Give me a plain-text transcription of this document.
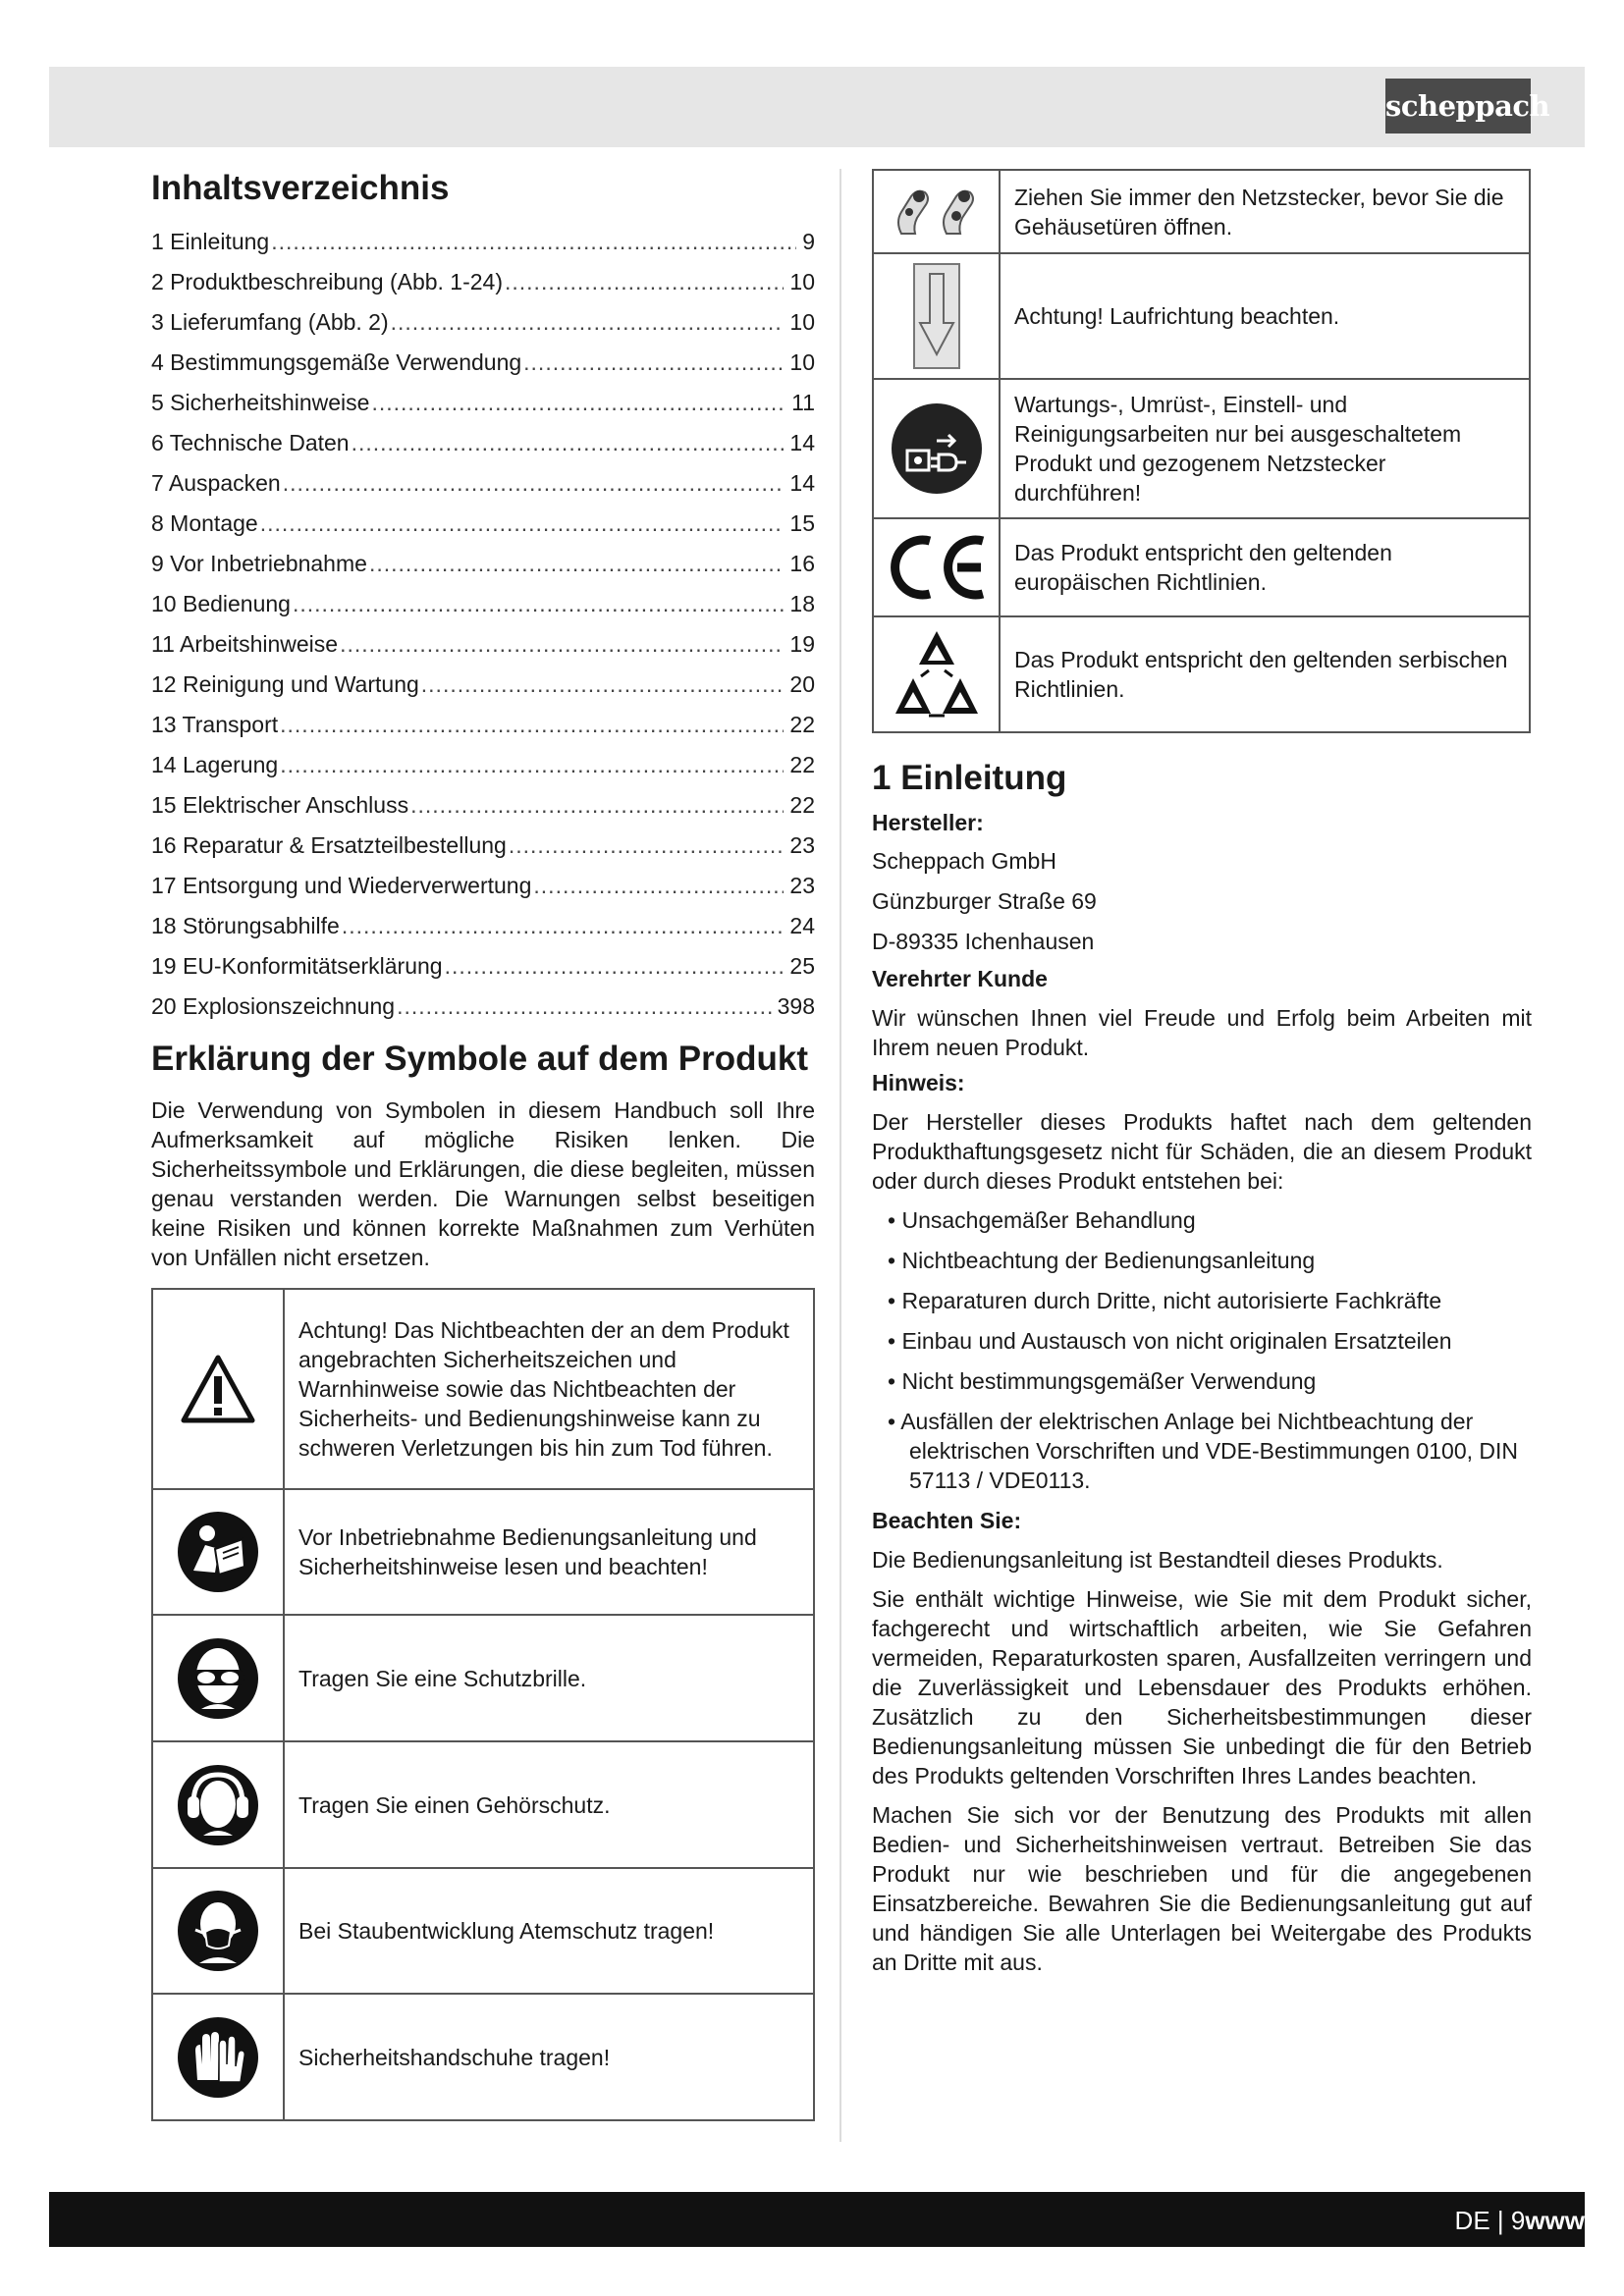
scheppach
Inhaltsverzeichnis
1 Einleitung .....	9
2 Produktbeschreibung (Abb. 1-24) .....	10
3 Lieferumfang (Abb. 2) .....	10
4 Bestimmungsgemäße Verwendung .....	10
5 Sicherheitshinweise .....	11
6 Technische Daten .....	14
7 Auspacken .....	14
8 Montage .....	15
9 Vor Inbetriebnahme .....	16
10 Bedienung .....	18
11 Arbeitshinweise .....	19
12 Reinigung und Wartung .....	20
13 Transport .....	22
14 Lagerung .....	22
15 Elektrischer Anschluss .....	22
16 Reparatur & Ersatzteilbestellung .....	23
17 Entsorgung und Wiederverwertung .....	23
18 Störungsabhilfe .....	24
19 EU-Konformitätserklärung .....	25
20 Explosionszeichnung .....	398
Erklärung der Symbole auf dem Produkt

Die Verwendung von Symbolen in diesem Handbuch soll Ihre Aufmerksamkeit auf mögliche Risiken lenken. Die Sicherheitssymbole und Erklärungen, die diese begleiten, müssen genau verstanden werden. Die Warnungen selbst beseitigen keine Risiken und können korrekte Maßnahmen zum Verhüten von Unfällen nicht ersetzen.

	Achtung! Das Nichtbeachten der an dem Produkt angebrachten Sicherheitszeichen und Warnhinweise sowie das Nichtbeachten der Sicherheits- und Bedienungshinweise kann zu schweren Verletzungen bis hin zum Tod führen.
	Vor Inbetriebnahme Bedienungsanleitung und Sicherheitshinweise lesen und beachten!
	Tragen Sie eine Schutzbrille.
	Tragen Sie einen Gehörschutz.
	Bei Staubentwicklung Atemschutz tragen!
	Sicherheitshandschuhe tragen!
	Ziehen Sie immer den Netzstecker, bevor Sie die Gehäusetüren öffnen.
	Achtung! Laufrichtung beachten.
	Wartungs-, Umrüst-, Einstell- und Reinigungsarbeiten nur bei ausgeschaltetem Produkt und gezogenem Netzstecker durchführen!
	Das Produkt entspricht den geltenden europäischen Richtlinien.
	Das Produkt entspricht den geltenden serbischen Richtlinien.
1 Einleitung
Hersteller:
Scheppach GmbH
Günzburger Straße 69
D-89335 Ichenhausen
Verehrter Kunde

Wir wünschen Ihnen viel Freude und Erfolg beim Arbeiten mit Ihrem neuen Produkt.

Hinweis:

Der Hersteller dieses Produkts haftet nach dem geltenden Produkthaftungsgesetz nicht für Schäden, die an diesem Produkt oder durch dieses Produkt entstehen bei:

• Unsachgemäßer Behandlung
• Nichtbeachtung der Bedienungsanleitung
• Reparaturen durch Dritte, nicht autorisierte Fachkräfte
• Einbau und Austausch von nicht originalen Ersatzteilen
• Nicht bestimmungsgemäßer Verwendung
• Ausfällen der elektrischen Anlage bei Nichtbeachtung der elektrischen Vorschriften und VDE-Bestimmungen 0100, DIN 57113 / VDE0113.
Beachten Sie:

Die Bedienungsanleitung ist Bestandteil dieses Produkts.

Sie enthält wichtige Hinweise, wie Sie mit dem Produkt sicher, fachgerecht und wirtschaftlich arbeiten, wie Sie Gefahren vermeiden, Reparaturkosten sparen, Ausfallzeiten verringern und die Zuverlässigkeit und Lebensdauer des Produkts erhöhen. Zusätzlich zu den Sicherheitsbestimmungen dieser Bedienungsanleitung müssen Sie unbedingt die für den Betrieb des Produkts geltenden Vorschriften Ihres Landes beachten.

Machen Sie sich vor der Benutzung des Produkts mit allen Bedien- und Sicherheitshinweisen vertraut. Betreiben Sie das Produkt nur wie beschrieben und für die angegebenen Einsatzbereiche. Bewahren Sie die Bedienungsanleitung gut auf und händigen Sie alle Unterlagen bei Weitergabe des Produkts an Dritte mit aus.

DE | 9www
